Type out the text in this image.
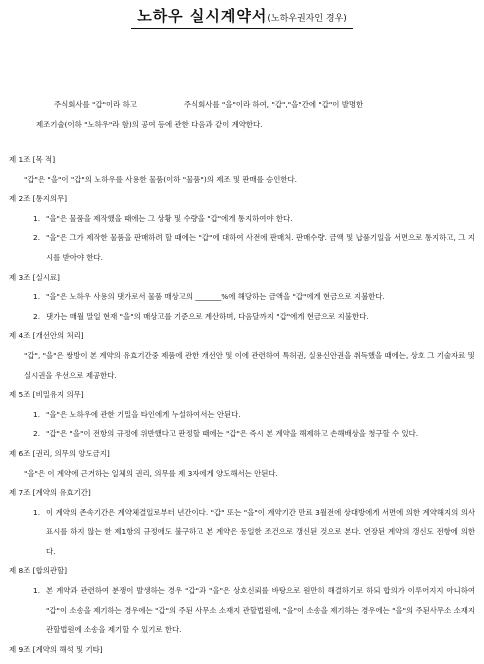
노하우 실시계약서(노하우권자인 경우)

주식회사를 "갑"이라 하고                    주식회사를 "을"이라 하여, "갑","을"간에 "갑"이 발명한

제조기술(이하 "노하우"라 함)의 공여 등에 관한 다음과 같이 계약한다.

제 1조 [목 적]

"갑"은 "을"이 "갑"의 노하우를 사용한 물품(이하 "물품")의 제조 및 판매를 승인한다.

제 2조 [통지의무]

1. "을"은 물품을 제작했을 때에는 그 상황 및 수량을 "갑"에게 통지하여야 한다.
2. "을"은 그가 제작한 물품을 판매하려 할 때에는 "갑"에 대하여 사전에 판매처. 판매수량. 금액 및 납품기일을 서면으로 통지하고, 그 지시를 받아야 한다.

제 3조 [실시료]

1. "을"은 노하우 사용의 댓가로서 물품 매상고의 _______%에 해당하는 금액을 "갑"에게 현금으로 지불한다.
2. 댓가는 매월 말일 현재 "을"의 매상고를 기준으로 계산하며, 다음달까지 "갑"에게 현금으로 지불한다.

제 4조 [개선안의 처리]

"갑", "을"은 쌍방이 본 계약의 유효기간중 제품에 관한 개선안 및 이에 관련하여 특허권, 실용신안권을 취득했을 때에는, 상호 그 기술자료 및 실시권을 우선으로 제공한다.

제 5조 [비밀유지 의무]

1. "을"은 노하우에 관한 기밀을 타인에게 누설하여서는 안된다.
2. "갑"은 "을"이 전항의 규정에 위반했다고 판정할 때에는 "갑"은 즉시 본 계약을 해제하고 손해배상을 청구할 수 있다.

제 6조 [권리, 의무의 양도금지]

"을"은 이 계약에 근거하는 일체의 권리, 의무를 제 3자에게 양도해서는 안된다.

제 7조 [계약의 유효기간]

1. 이 계약의 존속기간은 계약체결일로부터 년간이다. "갑" 또는 "을"이 계약기간 만료 3월전에 상대방에게 서면에 의한 계약해지의 의사표시를 하지 않는 한 제1항의 규정에도 불구하고 본 계약은 동일한 조건으로 갱신된 것으로 본다. 연장된 계약의 갱신도 전항에 의한다.

제 8조 [합의관할]

1. 본 계약과 관련하여 분쟁이 발생하는 경우 "갑"과 "을"은 상호신뢰를 바탕으로 원만히 해결하기로 하되 합의가 이루어지지 아니하여 "갑"이 소송을 제기하는 경우에는 "갑"의 주된 사무소 소재지 관할법원에, "을"이 소송을 제기하는 경우에는 "을"의 주된사무소 소재지 관할법원에 소송을 제기할 수 있기로 한다.

제 9조 [계약의 해석 및 기타]
